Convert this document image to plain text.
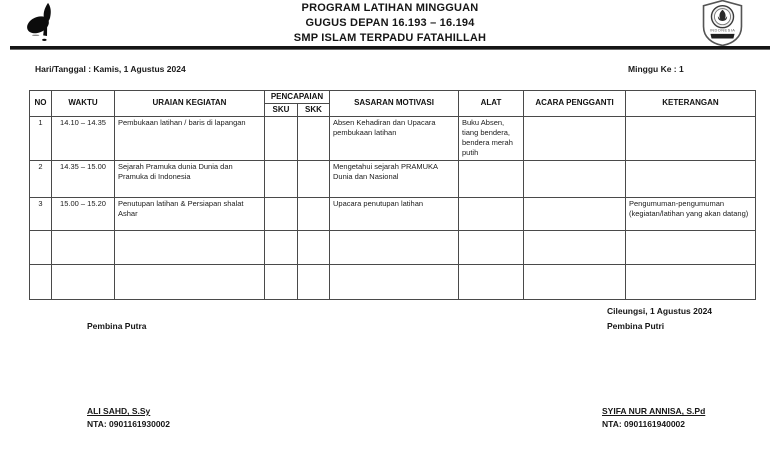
PROGRAM LATIHAN MINGGUAN
GUGUS DEPAN 16.193 – 16.194
SMP ISLAM TERPADU FATAHILLAH
INDONESIA
Hari/Tanggal : Kamis, 1 Agustus 2024	Minggu Ke : 1
NO	WAKTU	URAIAN KEGIATAN	PENCAPAIAN		SASARAN MOTIVASI	ALAT	ACARA PENGGANTI	KETERANGAN
			SKU	SKK				
1	14.10 – 14.35	Pembukaan latihan / baris di lapangan			Absen Kehadiran dan Upacara pembukaan latihan	Buku Absen, tiang bendera, bendera merah putih		
2	14.35 – 15.00	Sejarah Pramuka dunia Dunia dan Pramuka di Indonesia			Mengetahui sejarah PRAMUKA Dunia dan Nasional			
3	15.00 – 15.20	Penutupan latihan & Persiapan shalat Ashar			Upacara penutupan latihan			Pengumuman-pengumuman (kegiatan/latihan yang akan datang)

Cileungsi, 1 Agustus 2024
Pembina Putra	Pembina Putri
ALI SAHD, S.Sy
NTA: 0901161930002
SYIFA NUR ANNISA, S.Pd
NTA: 0901161940002
